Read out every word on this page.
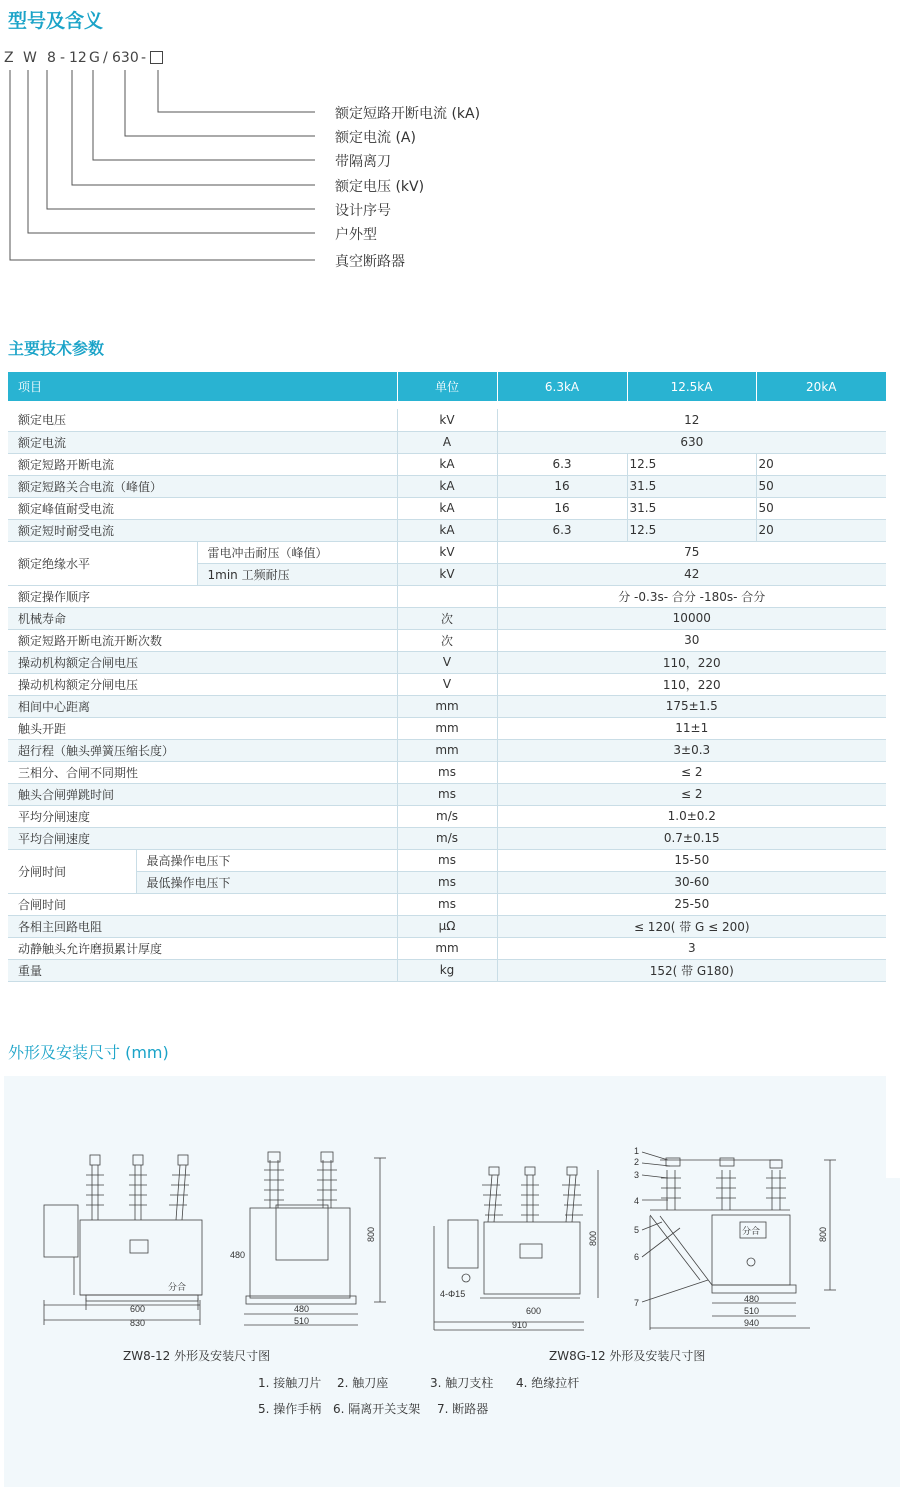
型号及含义
Z W 8 - 12 G / 630 -
额定短路开断电流 (kA)
额定电流 (A)
带隔离刀
额定电压 (kV)
设计序号
户外型
真空断路器
主要技术参数
项目			单位	6.3kA	12.5kA	20kA

额定电压			kV	12		
额定电流			A	630		
额定短路开断电流			kA	6.3	12.5	20
额定短路关合电流（峰值）			kA	16	31.5	50
额定峰值耐受电流			kA	16	31.5	50
额定短时耐受电流			kA	6.3	12.5	20
额定绝缘水平		雷电冲击耐压（峰值）	kV	75		
		1min 工频耐压	kV	42		
额定操作顺序				分 -0.3s- 合分 -180s- 合分		
机械寿命			次	10000		
额定短路开断电流开断次数			次	30		
操动机构额定合闸电压			V	110，220		
操动机构额定分闸电压			V	110，220		
相间中心距离			mm	175±1.5		
触头开距			mm	11±1		
超行程（触头弹簧压缩长度）			mm	3±0.3		
三相分、合闸不同期性			ms	≤ 2		
触头合闸弹跳时间			ms	≤ 2		
平均分闸速度			m/s	1.0±0.2		
平均合闸速度			m/s	0.7±0.15		
分闸时间	最高操作电压下		ms	15-50		
	最低操作电压下		ms	30-60		
合闸时间			ms	25-50		
各相主回路电阻			μΩ	≤ 120( 带 G ≤ 200)		
动静触头允许磨损累计厚度			mm	3		
重量			kg	152( 带 G180)		
外形及安装尺寸 (mm)
600
830
分合
800
480
480
510
800
600
910
4-Φ15
800
480
510
940
分合
1
2
3
4
5
6
7
ZW8-12 外形及安装尺寸图	ZW8G-12 外形及安装尺寸图
1. 接触刀片 2. 触刀座	3. 触刀支柱 4. 绝缘拉杆
5. 操作手柄 6. 隔离开关支架 7. 断路器
